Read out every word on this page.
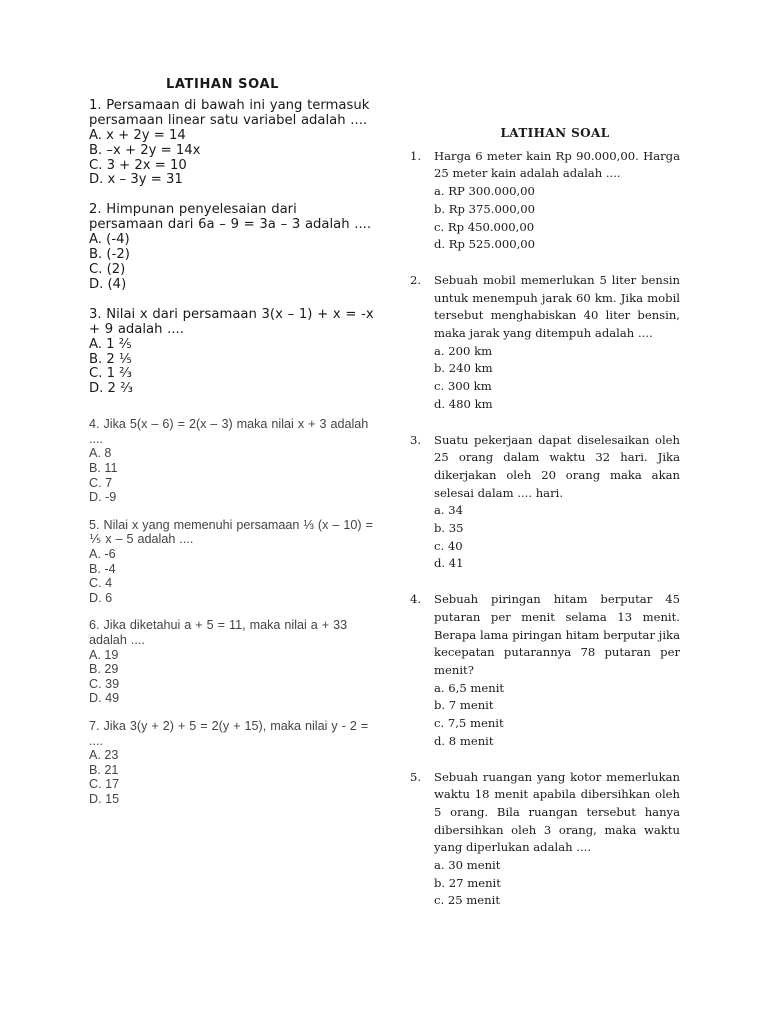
LATIHAN SOAL
1. Persamaan di bawah ini yang termasuk persamaan linear satu variabel adalah ....
A. x + 2y = 14
B. –x + 2y = 14x
C. 3 + 2x = 10
D. x – 3y = 31
2. Himpunan penyelesaian dari persamaan dari 6a – 9 = 3a – 3 adalah ....
A. (-4)
B. (-2)
C. (2)
D. (4)
3. Nilai x dari persamaan 3(x – 1) + x = -x + 9 adalah ....
A. 1 ⅖
B. 2 ⅕
C. 1 ⅔
D. 2 ⅔
4. Jika 5(x – 6) = 2(x – 3) maka nilai x + 3 adalah ....
A. 8
B. 11
C. 7
D. -9
5. Nilai x yang memenuhi persamaan ⅓ (x – 10) = ⅕ x – 5 adalah ....
A. -6
B. -4
C. 4
D. 6
6. Jika diketahui a + 5 = 11, maka nilai a + 33 adalah ....
A. 19
B. 29
C. 39
D. 49
7. Jika 3(y + 2) + 5 = 2(y + 15), maka nilai y - 2 = ....
A. 23
B. 21
C. 17
D. 15
LATIHAN SOAL
1.	Harga 6 meter kain Rp 90.000,00. Harga 25 meter kain adalah adalah ....
a. RP 300.000,00
b. Rp 375.000,00
c. Rp 450.000,00
d. Rp 525.000,00
2.	Sebuah mobil memerlukan 5 liter bensin untuk menempuh jarak 60 km. Jika mobil tersebut menghabiskan 40 liter bensin, maka jarak yang ditempuh adalah ....
a. 200 km
b. 240 km
c. 300 km
d. 480 km
3.	Suatu pekerjaan dapat diselesaikan oleh 25 orang dalam waktu 32 hari. Jika dikerjakan oleh 20 orang maka akan selesai dalam .... hari.
a. 34
b. 35
c. 40
d. 41
4.	Sebuah piringan hitam berputar 45 putaran per menit selama 13 menit. Berapa lama piringan hitam berputar jika kecepatan putarannya 78 putaran per menit?
a. 6,5 menit
b. 7 menit
c. 7,5 menit
d. 8 menit
5.	Sebuah ruangan yang kotor memerlukan waktu 18 menit apabila dibersihkan oleh 5 orang. Bila ruangan tersebut hanya dibersihkan oleh 3 orang, maka waktu yang diperlukan adalah ....
a. 30 menit
b. 27 menit
c. 25 menit
